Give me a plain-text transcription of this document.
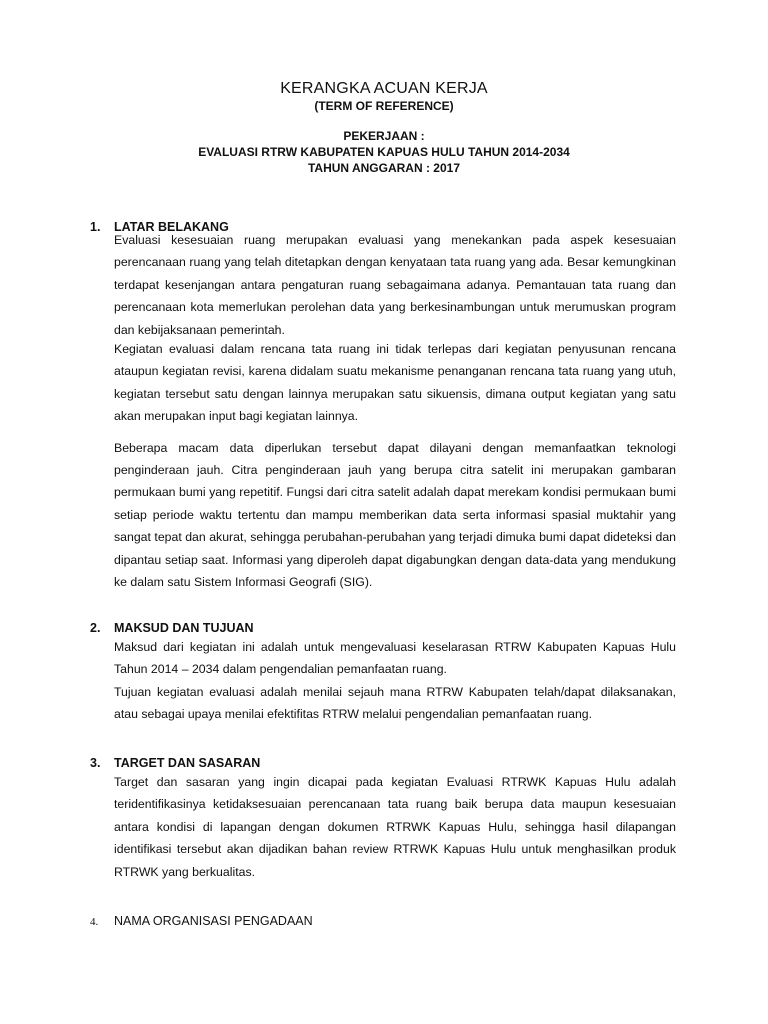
KERANGKA ACUAN KERJA
(TERM OF REFERENCE)
PEKERJAAN :
EVALUASI RTRW KABUPATEN KAPUAS HULU TAHUN 2014-2034
TAHUN ANGGARAN : 2017
1. LATAR BELAKANG

Evaluasi kesesuaian ruang merupakan evaluasi yang menekankan pada aspek kesesuaian perencanaan ruang yang telah ditetapkan dengan kenyataan tata ruang yang ada. Besar kemungkinan terdapat kesenjangan antara pengaturan ruang sebagaimana adanya. Pemantauan tata ruang dan perencanaan kota memerlukan perolehan data yang berkesinambungan untuk merumuskan program dan kebijaksanaan pemerintah.

Kegiatan evaluasi dalam rencana tata ruang ini tidak terlepas dari kegiatan penyusunan rencana ataupun kegiatan revisi, karena didalam suatu mekanisme penanganan rencana tata ruang yang utuh, kegiatan tersebut satu dengan lainnya merupakan satu sikuensis, dimana output kegiatan yang satu akan merupakan input bagi kegiatan lainnya.

Beberapa macam data diperlukan tersebut dapat dilayani dengan memanfaatkan teknologi penginderaan jauh. Citra penginderaan jauh yang berupa citra satelit ini merupakan gambaran permukaan bumi yang repetitif. Fungsi dari citra satelit adalah dapat merekam kondisi permukaan bumi setiap periode waktu tertentu dan mampu memberikan data serta informasi spasial muktahir yang sangat tepat dan akurat, sehingga perubahan-perubahan yang terjadi dimuka bumi dapat dideteksi dan dipantau setiap saat. Informasi yang diperoleh dapat digabungkan dengan data-data yang mendukung ke dalam satu Sistem Informasi Geografi (SIG).

2. MAKSUD DAN TUJUAN

Maksud dari kegiatan ini adalah untuk mengevaluasi keselarasan RTRW Kabupaten Kapuas Hulu Tahun 2014 – 2034 dalam pengendalian pemanfaatan ruang.

Tujuan kegiatan evaluasi adalah menilai sejauh mana RTRW Kabupaten telah/dapat dilaksanakan, atau sebagai upaya menilai efektifitas RTRW melalui pengendalian pemanfaatan ruang.

3. TARGET DAN SASARAN

Target dan sasaran yang ingin dicapai pada kegiatan Evaluasi RTRWK Kapuas Hulu adalah teridentifikasinya ketidaksesuaian perencanaan tata ruang baik berupa data maupun kesesuaian antara kondisi di lapangan dengan dokumen RTRWK Kapuas Hulu, sehingga hasil dilapangan identifikasi tersebut akan dijadikan bahan review RTRWK Kapuas Hulu untuk menghasilkan produk RTRWK yang berkualitas.

4. NAMA ORGANISASI PENGADAAN
